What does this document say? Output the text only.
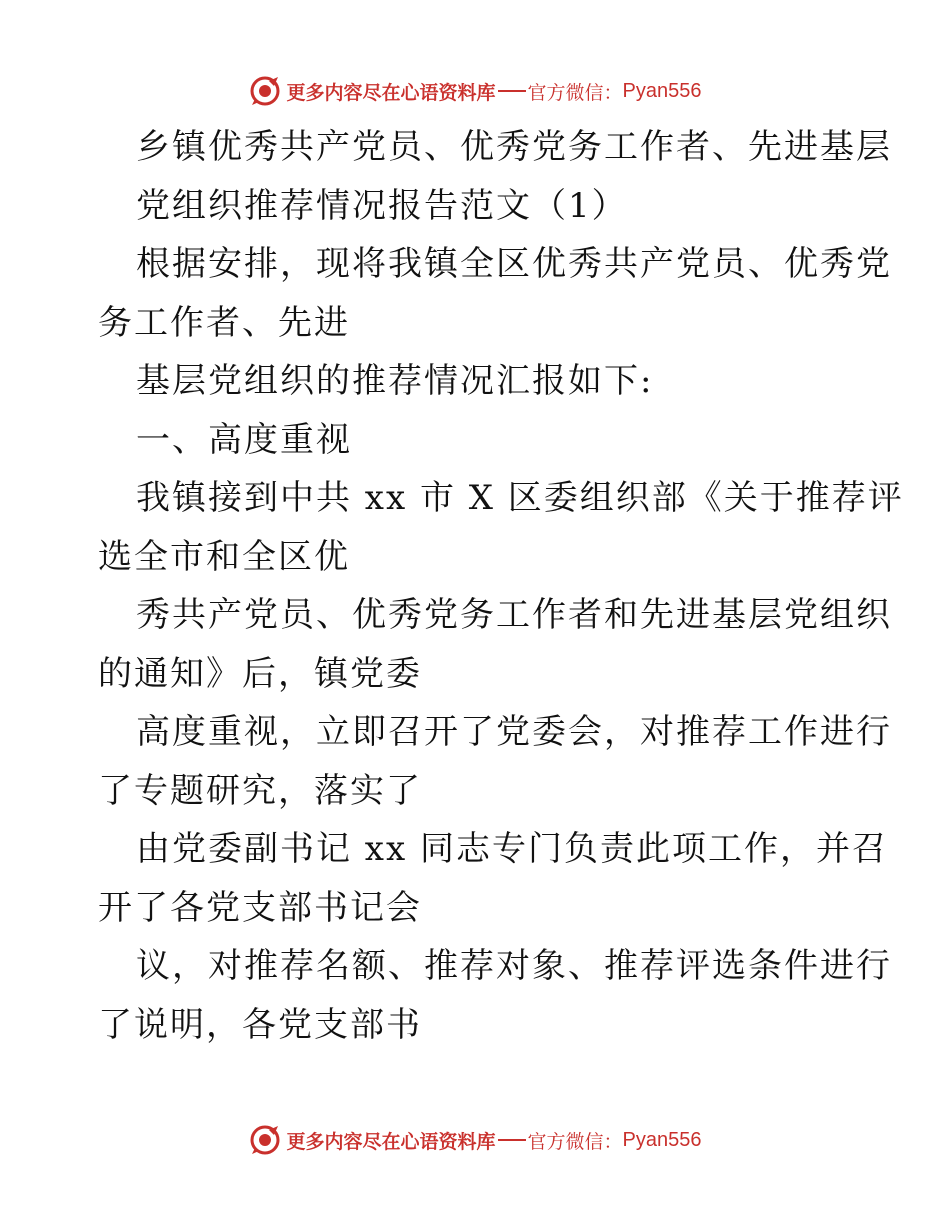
更多内容尽在心语资料库 官方微信： Pyan556
乡镇优秀共产党员、优秀党务工作者、先进基层
党组织推荐情况报告范文（1）
根据安排，现将我镇全区优秀共产党员、优秀党
务工作者、先进
基层党组织的推荐情况汇报如下:
一、高度重视
我镇接到中共 xx 市 X 区委组织部《关于推荐评
选全市和全区优
秀共产党员、优秀党务工作者和先进基层党组织
的通知》后，镇党委
高度重视，立即召开了党委会，对推荐工作进行
了专题研究，落实了
由党委副书记 xx 同志专门负责此项工作，并召
开了各党支部书记会
议，对推荐名额、推荐对象、推荐评选条件进行
了说明，各党支部书
更多内容尽在心语资料库 官方微信： Pyan556
